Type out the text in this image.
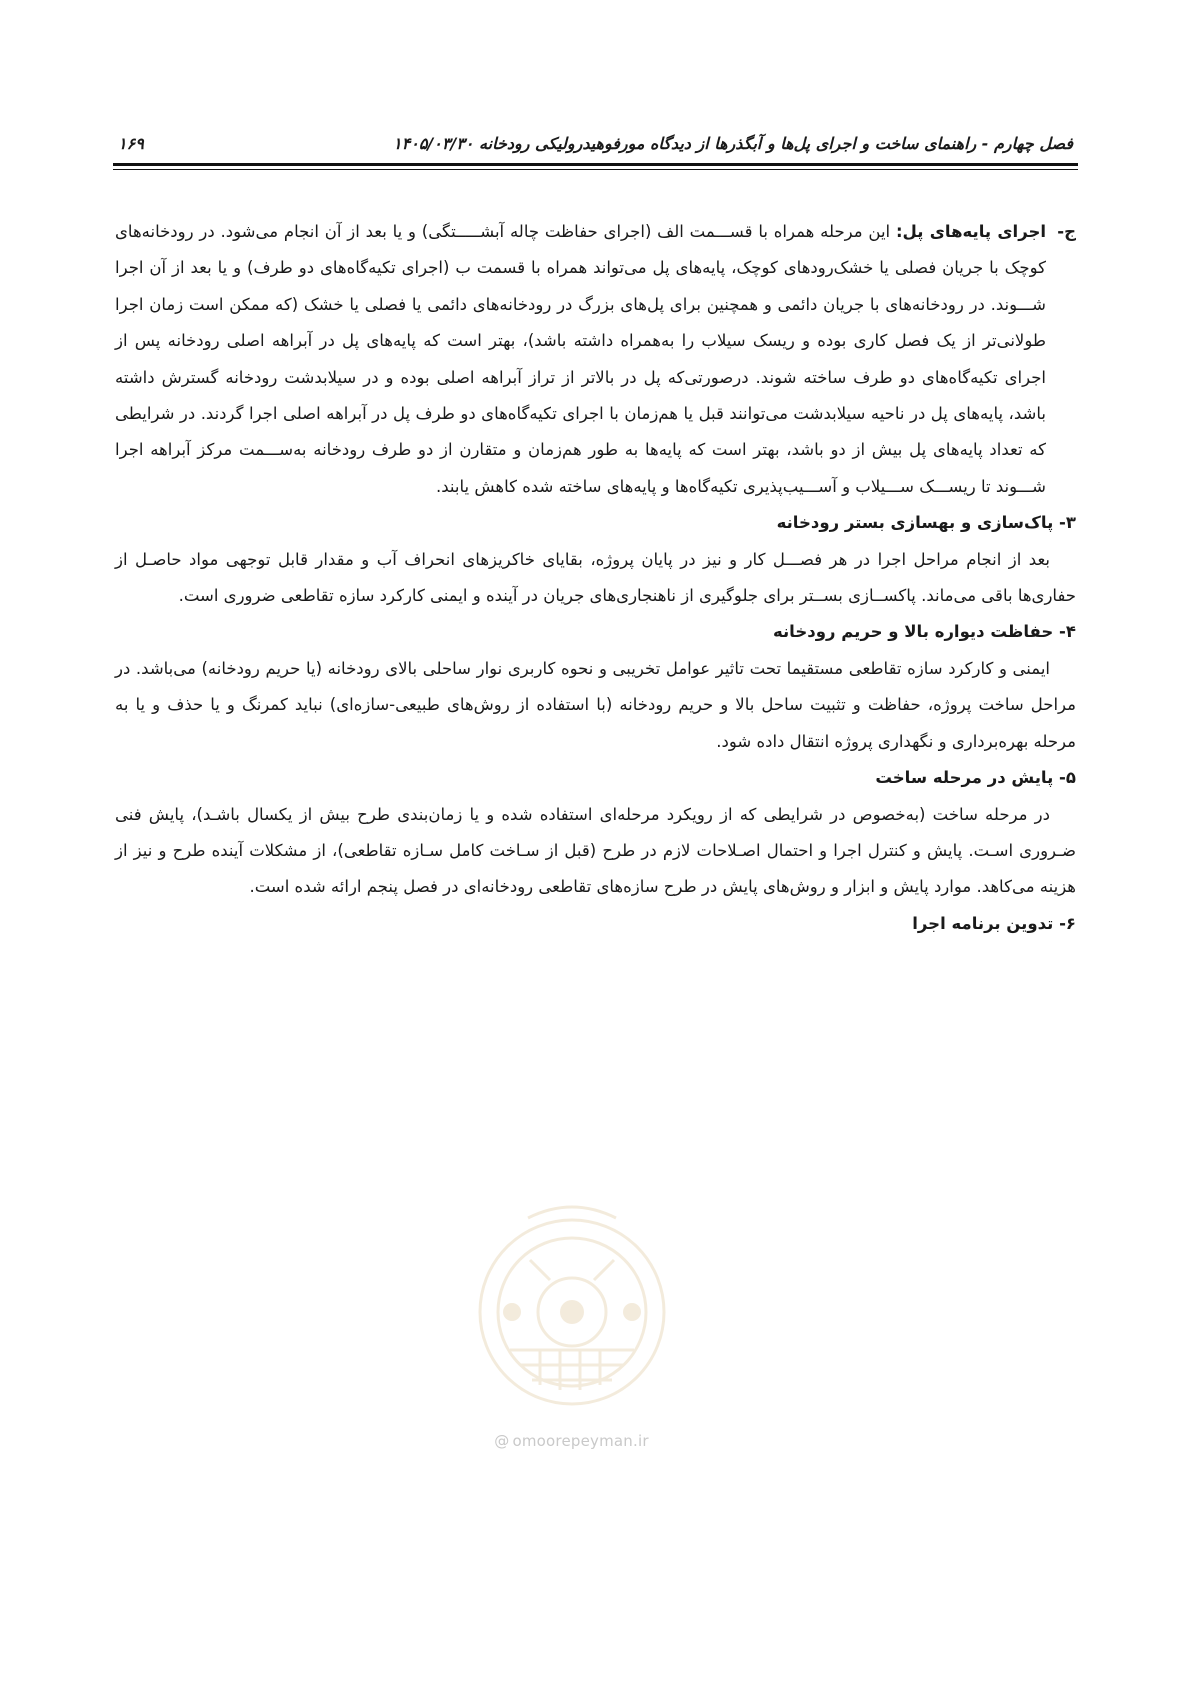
فصل چهارم - راهنمای ساخت و اجرای پل‌ها و آبگذرها از دیدگاه مورفوهیدرولیکی رودخانه ۱۴۰۵/۰۳/۳۰
۱۶۹

ج-
اجرای پایه‌های پل: این مرحله همراه با قســـمت الف (اجرای حفاظت چاله آبشـــــتگی) و یا بعد از آن انجام می‌شود. در رودخانه‌های کوچک با جریان فصلی یا خشک‌رودهای کوچک، پایه‌های پل می‌تواند همراه با قسمت ب (اجرای تکیه‌گاه‌های دو طرف) و یا بعد از آن اجرا شـــوند. در رودخانه‌های با جریان دائمی و همچنین برای پل‌های بزرگ در رودخانه‌های دائمی یا فصلی یا خشک (که ممکن است زمان اجرا طولانی‌تر از یک فصل کاری بوده و ریسک سیلاب را به‌همراه داشته باشد)، بهتر است که پایه‌های پل در آبراهه اصلی رودخانه پس از اجرای تکیه‌گاه‌های دو طرف ساخته شوند. درصورتی‌که پل در بالاتر از تراز آبراهه اصلی بوده و در سیلابدشت رودخانه گسترش داشته باشد، پایه‌های پل در ناحیه سیلابدشت می‌توانند قبل یا هم‌زمان با اجرای تکیه‌گاه‌های دو طرف پل در آبراهه اصلی اجرا گردند. در شرایطی که تعداد پایه‌های پل بیش از دو باشد، بهتر است که پایه‌ها به طور هم‌زمان و متقارن از دو طرف رودخانه به‌ســـمت مرکز آبراهه اجرا شـــوند تا ریســـک ســـیلاب و آســـیب‌پذیری تکیه‌گاه‌ها و پایه‌های ساخته شده کاهش یابند.

۳- پاک‌سازی و بهسازی بستر رودخانه

بعد از انجام مراحل اجرا در هر فصـــل کار و نیز در پایان پروژه، بقایای خاکریزهای انحراف آب و مقدار قابل توجهی مواد حاصـل از حفاری‌ها باقی می‌ماند. پاکســازی بســتر برای جلوگیری از ناهنجاری‌های جریان در آینده و ایمنی کارکرد سازه تقاطعی ضروری است.

۴- حفاظت دیواره بالا و حریم رودخانه

ایمنی و کارکرد سازه تقاطعی مستقیما تحت تاثیر عوامل تخریبی و نحوه کاربری نوار ساحلی بالای رودخانه (یا حریم رودخانه) می‌باشد. در مراحل ساخت پروژه، حفاظت و تثبیت ساحل بالا و حریم رودخانه (با استفاده از روش‌های طبیعی-سازه‌ای) نباید کمرنگ و یا حذف و یا به مرحله بهره‌برداری و نگهداری پروژه انتقال داده شود.

۵- پایش در مرحله ساخت

در مرحله ساخت (به‌خصوص در شرایطی که از رویکرد مرحله‌ای استفاده شده و یا زمان‌بندی طرح بیش از یکسال باشـد)، پایش فنی ضـروری اسـت. پایش و کنترل اجرا و احتمال اصـلاحات لازم در طرح (قبل از سـاخت کامل سـازه تقاطعی)، از مشکلات آینده طرح و نیز از هزینه می‌کاهد. موارد پایش و ابزار و روش‌های پایش در طرح سازه‌های تقاطعی رودخانه‌ای در فصل پنجم ارائه شده است.

۶- تدوین برنامه اجرا

@ omoorepeyman.ir
